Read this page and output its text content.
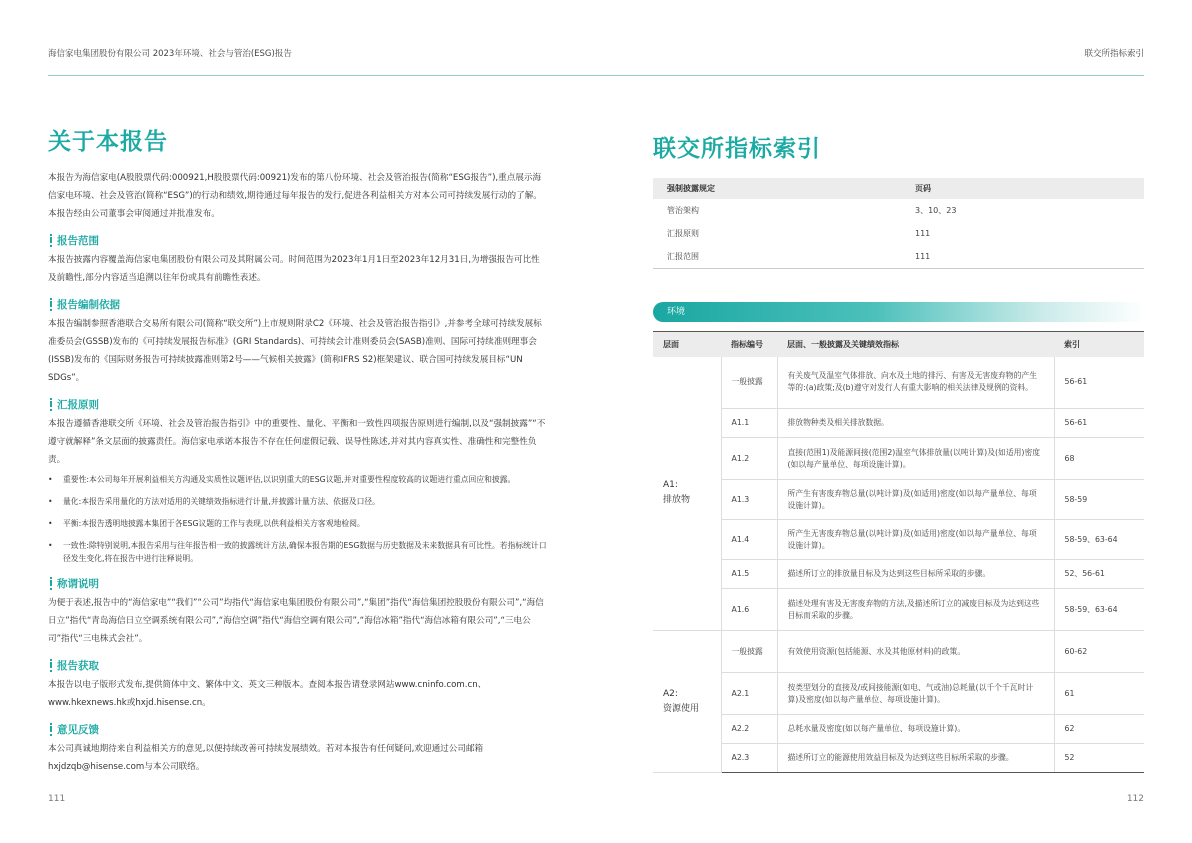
海信家电集团股份有限公司 2023年环境、社会与管治(ESG)报告	联交所指标索引
关于本报告
本报告为海信家电(A股股票代码:000921,H股股票代码:00921)发布的第八份环境、社会及管治报告(简称“ESG报告”),重点展示海信家电环境、社会及管治(简称“ESG”)的行动和绩效,期待通过每年报告的发行,促进各利益相关方对本公司可持续发展行动的了解。本报告经由公司董事会审阅通过并批准发布。
报告范围
本报告披露内容覆盖海信家电集团股份有限公司及其附属公司。时间范围为2023年1月1日至2023年12月31日,为增强报告可比性及前瞻性,部分内容适当追溯以往年份或具有前瞻性表述。
报告编制依据
本报告编制参照香港联合交易所有限公司(简称“联交所”)上市规则附录C2《环境、社会及管治报告指引》,并参考全球可持续发展标准委员会(GSSB)发布的《可持续发展报告标准》(GRI Standards)、可持续会计准则委员会(SASB)准则、国际可持续准则理事会(ISSB)发布的《国际财务报告可持续披露准则第2号——气候相关披露》(简称IFRS S2)框架建议、联合国可持续发展目标“UN SDGs”。
汇报原则
本报告遵循香港联交所《环境、社会及管治报告指引》中的重要性、量化、平衡和一致性四项报告原则进行编制,以及“强制披露”“不遵守就解释”条文层面的披露责任。海信家电承诺本报告不存在任何虚假记载、误导性陈述,并对其内容真实性、准确性和完整性负责。
•	重要性:本公司每年开展利益相关方沟通及实质性议题评估,以识别重大的ESG议题,并对重要性程度较高的议题进行重点回应和披露。
•	量化:本报告采用量化的方法对适用的关键绩效指标进行计量,并披露计量方法、依据及口径。
•	平衡:本报告透明地披露本集团于各ESG议题的工作与表现,以供利益相关方客观地检阅。
•	一致性:除特别说明,本报告采用与往年报告相一致的披露统计方法,确保本报告期的ESG数据与历史数据及未来数据具有可比性。若指标统计口径发生变化,将在报告中进行注释说明。
称谓说明
为便于表述,报告中的“海信家电”“我们”“公司”均指代“海信家电集团股份有限公司”,“集团”指代“海信集团控股股份有限公司”,“海信日立”指代“青岛海信日立空调系统有限公司”,“海信空调”指代“海信空调有限公司”,“海信冰箱”指代“海信冰箱有限公司”,“三电公司”指代“三电株式会社”。
报告获取
本报告以电子版形式发布,提供简体中文、繁体中文、英文三种版本。查阅本报告请登录网站www.cninfo.com.cn、www.hkexnews.hk或hxjd.hisense.cn。
意见反馈
本公司真诚地期待来自利益相关方的意见,以便持续改善可持续发展绩效。若对本报告有任何疑问,欢迎通过公司邮箱hxjdzqb@hisense.com与本公司联络。
111
联交所指标索引
强制披露规定	页码
管治架构	3、10、23
汇报原则	111
汇报范围	111
环境
层面	指标编号	层面、一般披露及关键绩效指标	索引
A1:
排放物	一般披露	有关废气及温室气体排放、向水及土地的排污、有害及无害废弃物的产生等的:(a)政策;及(b)遵守对发行人有重大影响的相关法律及规例的资料。	56-61
	A1.1	排放物种类及相关排放数据。	56-61
	A1.2	直接(范围1)及能源间接(范围2)温室气体排放量(以吨计算)及(如适用)密度(如以每产量单位、每项设施计算)。	68
	A1.3	所产生有害废弃物总量(以吨计算)及(如适用)密度(如以每产量单位、每项设施计算)。	58-59
	A1.4	所产生无害废弃物总量(以吨计算)及(如适用)密度(如以每产量单位、每项设施计算)。	58-59、63-64
	A1.5	描述所订立的排放量目标及为达到这些目标所采取的步骤。	52、56-61
	A1.6	描述处理有害及无害废弃物的方法,及描述所订立的减废目标及为达到这些目标而采取的步骤。	58-59、63-64
A2:
资源使用	一般披露	有效使用资源(包括能源、水及其他原材料)的政策。	60-62
	A2.1	按类型划分的直接及/或间接能源(如电、气或油)总耗量(以千个千瓦时计算)及密度(如以每产量单位、每项设施计算)。	61
	A2.2	总耗水量及密度(如以每产量单位、每项设施计算)。	62
	A2.3	描述所订立的能源使用效益目标及为达到这些目标所采取的步骤。	52
112
